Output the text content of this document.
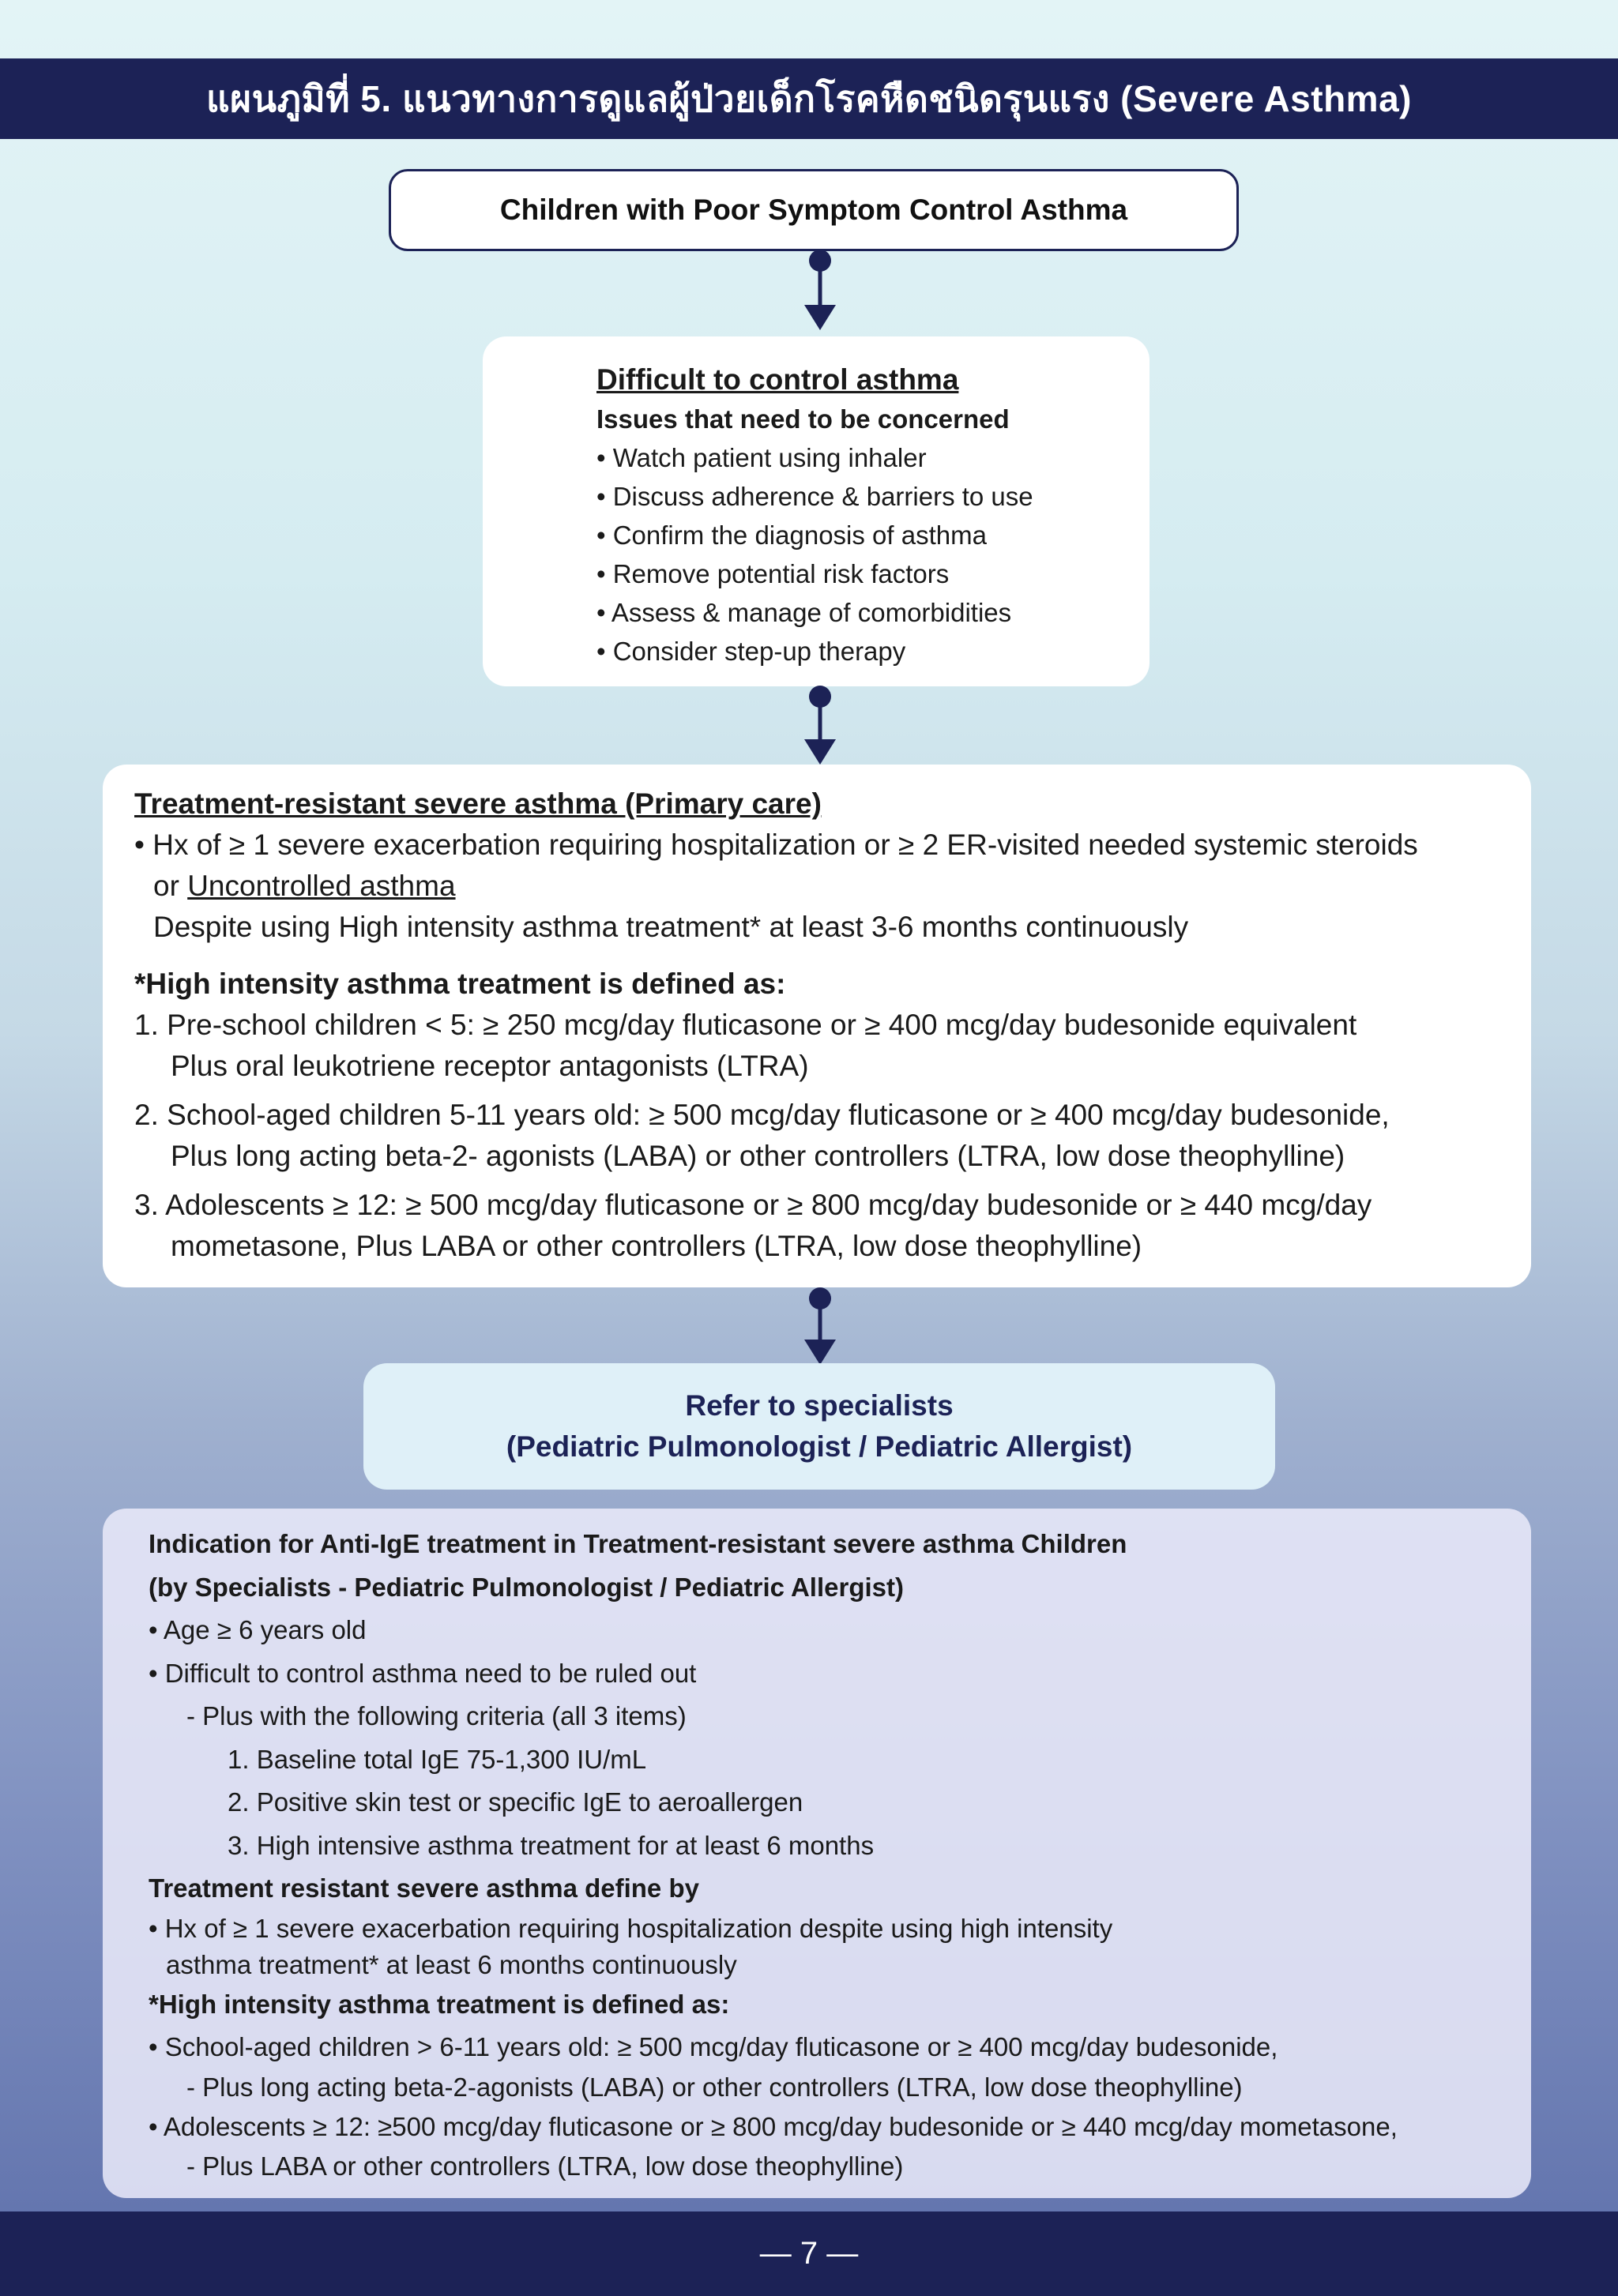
แผนภูมิที่ 5. แนวทางการดูแลผู้ป่วยเด็กโรคหืดชนิดรุนแรง (Severe Asthma)
Children with Poor Symptom Control Asthma
Difficult to control asthma
Issues that need to be concerned
• Watch patient using inhaler
• Discuss adherence & barriers to use
• Confirm the diagnosis of asthma
• Remove potential risk factors
• Assess & manage of comorbidities
• Consider step-up therapy
Treatment-resistant severe asthma (Primary care)
• Hx of ≥ 1 severe exacerbation requiring hospitalization or ≥ 2 ER-visited needed systemic steroids
or Uncontrolled asthma
Despite using High intensity asthma treatment* at least 3-6 months continuously
*High intensity asthma treatment is defined as:
1. Pre-school children < 5: ≥ 250 mcg/day fluticasone or ≥ 400 mcg/day budesonide equivalent
Plus oral leukotriene receptor antagonists (LTRA)
2. School-aged children 5-11 years old: ≥ 500 mcg/day fluticasone or ≥ 400 mcg/day budesonide,
Plus long acting beta-2- agonists (LABA) or other controllers (LTRA, low dose theophylline)
3. Adolescents ≥ 12: ≥ 500 mcg/day fluticasone or ≥ 800 mcg/day budesonide or ≥ 440 mcg/day
mometasone, Plus LABA or other controllers (LTRA, low dose theophylline)
Refer to specialists
(Pediatric Pulmonologist / Pediatric Allergist)
Indication for Anti-IgE treatment in Treatment-resistant severe asthma Children
(by Specialists - Pediatric Pulmonologist / Pediatric Allergist)
• Age ≥ 6 years old
• Difficult to control asthma need to be ruled out
- Plus with the following criteria (all 3 items)
1. Baseline total IgE 75-1,300 IU/mL
2. Positive skin test or specific IgE to aeroallergen
3. High intensive asthma treatment for at least 6 months
Treatment resistant severe asthma define by
• Hx of ≥ 1 severe exacerbation requiring hospitalization despite using high intensity
asthma treatment* at least 6 months continuously
*High intensity asthma treatment is defined as:
• School-aged children > 6-11 years old: ≥ 500 mcg/day fluticasone or ≥ 400 mcg/day budesonide,
- Plus long acting beta-2-agonists (LABA) or other controllers (LTRA, low dose theophylline)
• Adolescents ≥ 12: ≥500 mcg/day fluticasone or ≥ 800 mcg/day budesonide or ≥ 440 mcg/day mometasone,
- Plus LABA or other controllers (LTRA, low dose theophylline)
— 7 —
